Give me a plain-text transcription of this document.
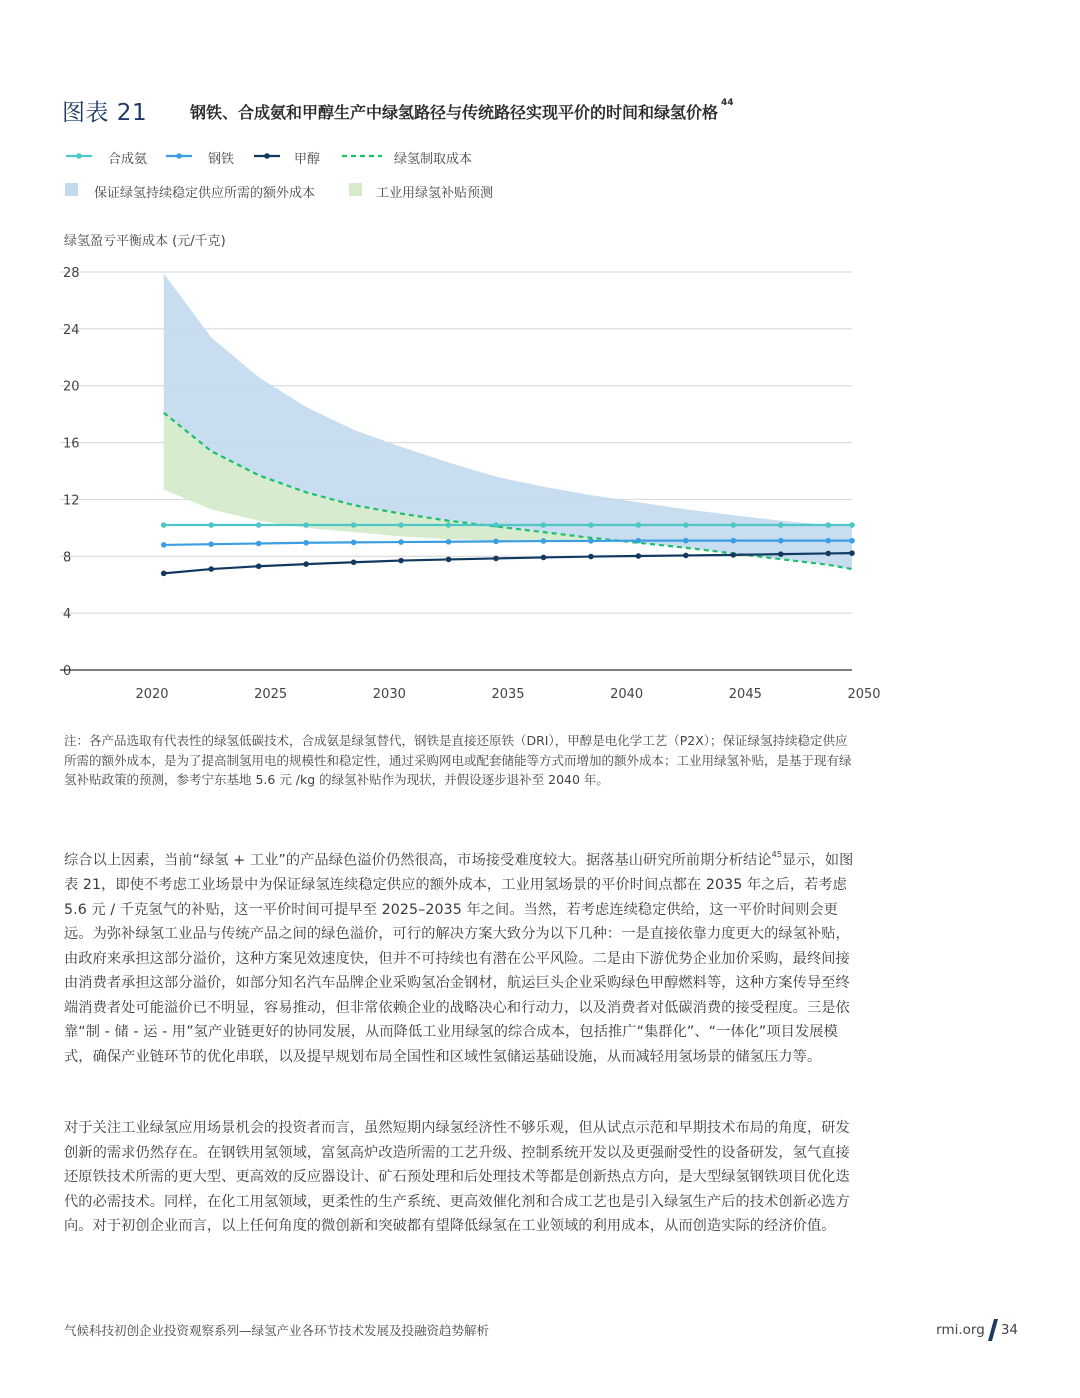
图表 21	钢铁、合成氨和甲醇生产中绿氢路径与传统路径实现平价的时间和绿氢价格$^{44}$
合成氨	钢铁	甲醇	绿氢制取成本
保证绿氢持续稳定供应所需的额外成本	工业用绿氢补贴预测
绿氢盈亏平衡成本 (元/千克)
0
4
8
12
16
20
24
28
2020	2025	2030	2035	2040	2045	2050

注：各产品选取有代表性的绿氢低碳技术，合成氨是绿氢替代，钢铁是直接还原铁（DRI），甲醇是电化学工艺（P2X）；保证绿氢持续稳定供应所需的额外成本，是为了提高制氢用电的规模性和稳定性，通过采购网电或配套储能等方式而增加的额外成本；工业用绿氢补贴，是基于现有绿氢补贴政策的预测，参考宁东基地 5.6 元 /kg 的绿氢补贴作为现状，并假设逐步退补至 2040 年。

综合以上因素，当前“绿氢 + 工业”的产品绿色溢价仍然很高，市场接受难度较大。据落基山研究所前期分析结论$^{45}$显示，如图表 21，即使不考虑工业场景中为保证绿氢连续稳定供应的额外成本，工业用氢场景的平价时间点都在 2035 年之后，若考虑 5.6 元 / 千克氢气的补贴，这一平价时间可提早至 2025–2035 年之间。当然，若考虑连续稳定供给，这一平价时间则会更远。为弥补绿氢工业品与传统产品之间的绿色溢价，可行的解决方案大致分为以下几种：一是直接依靠力度更大的绿氢补贴，由政府来承担这部分溢价，这种方案见效速度快，但并不可持续也有潜在公平风险。二是由下游优势企业加价采购，最终间接由消费者承担这部分溢价，如部分知名汽车品牌企业采购氢冶金钢材，航运巨头企业采购绿色甲醇燃料等，这种方案传导至终端消费者处可能溢价已不明显，容易推动，但非常依赖企业的战略决心和行动力，以及消费者对低碳消费的接受程度。三是依靠“制 - 储 - 运 - 用”氢产业链更好的协同发展，从而降低工业用绿氢的综合成本，包括推广“集群化”、“一体化”项目发展模式，确保产业链环节的优化串联，以及提早规划布局全国性和区域性氢储运基础设施，从而减轻用氢场景的储氢压力等。

对于关注工业绿氢应用场景机会的投资者而言，虽然短期内绿氢经济性不够乐观，但从试点示范和早期技术布局的角度，研发创新的需求仍然存在。在钢铁用氢领域，富氢高炉改造所需的工艺升级、控制系统开发以及更强耐受性的设备研发，氢气直接还原铁技术所需的更大型、更高效的反应器设计、矿石预处理和后处理技术等都是创新热点方向，是大型绿氢钢铁项目优化迭代的必需技术。同样，在化工用氢领域，更柔性的生产系统、更高效催化剂和合成工艺也是引入绿氢生产后的技术创新必选方向。对于初创企业而言，以上任何角度的微创新和突破都有望降低绿氢在工业领域的利用成本，从而创造实际的经济价值。

气候科技初创企业投资观察系列—绿氢产业各环节技术发展及投融资趋势解析	rmi.org 34
